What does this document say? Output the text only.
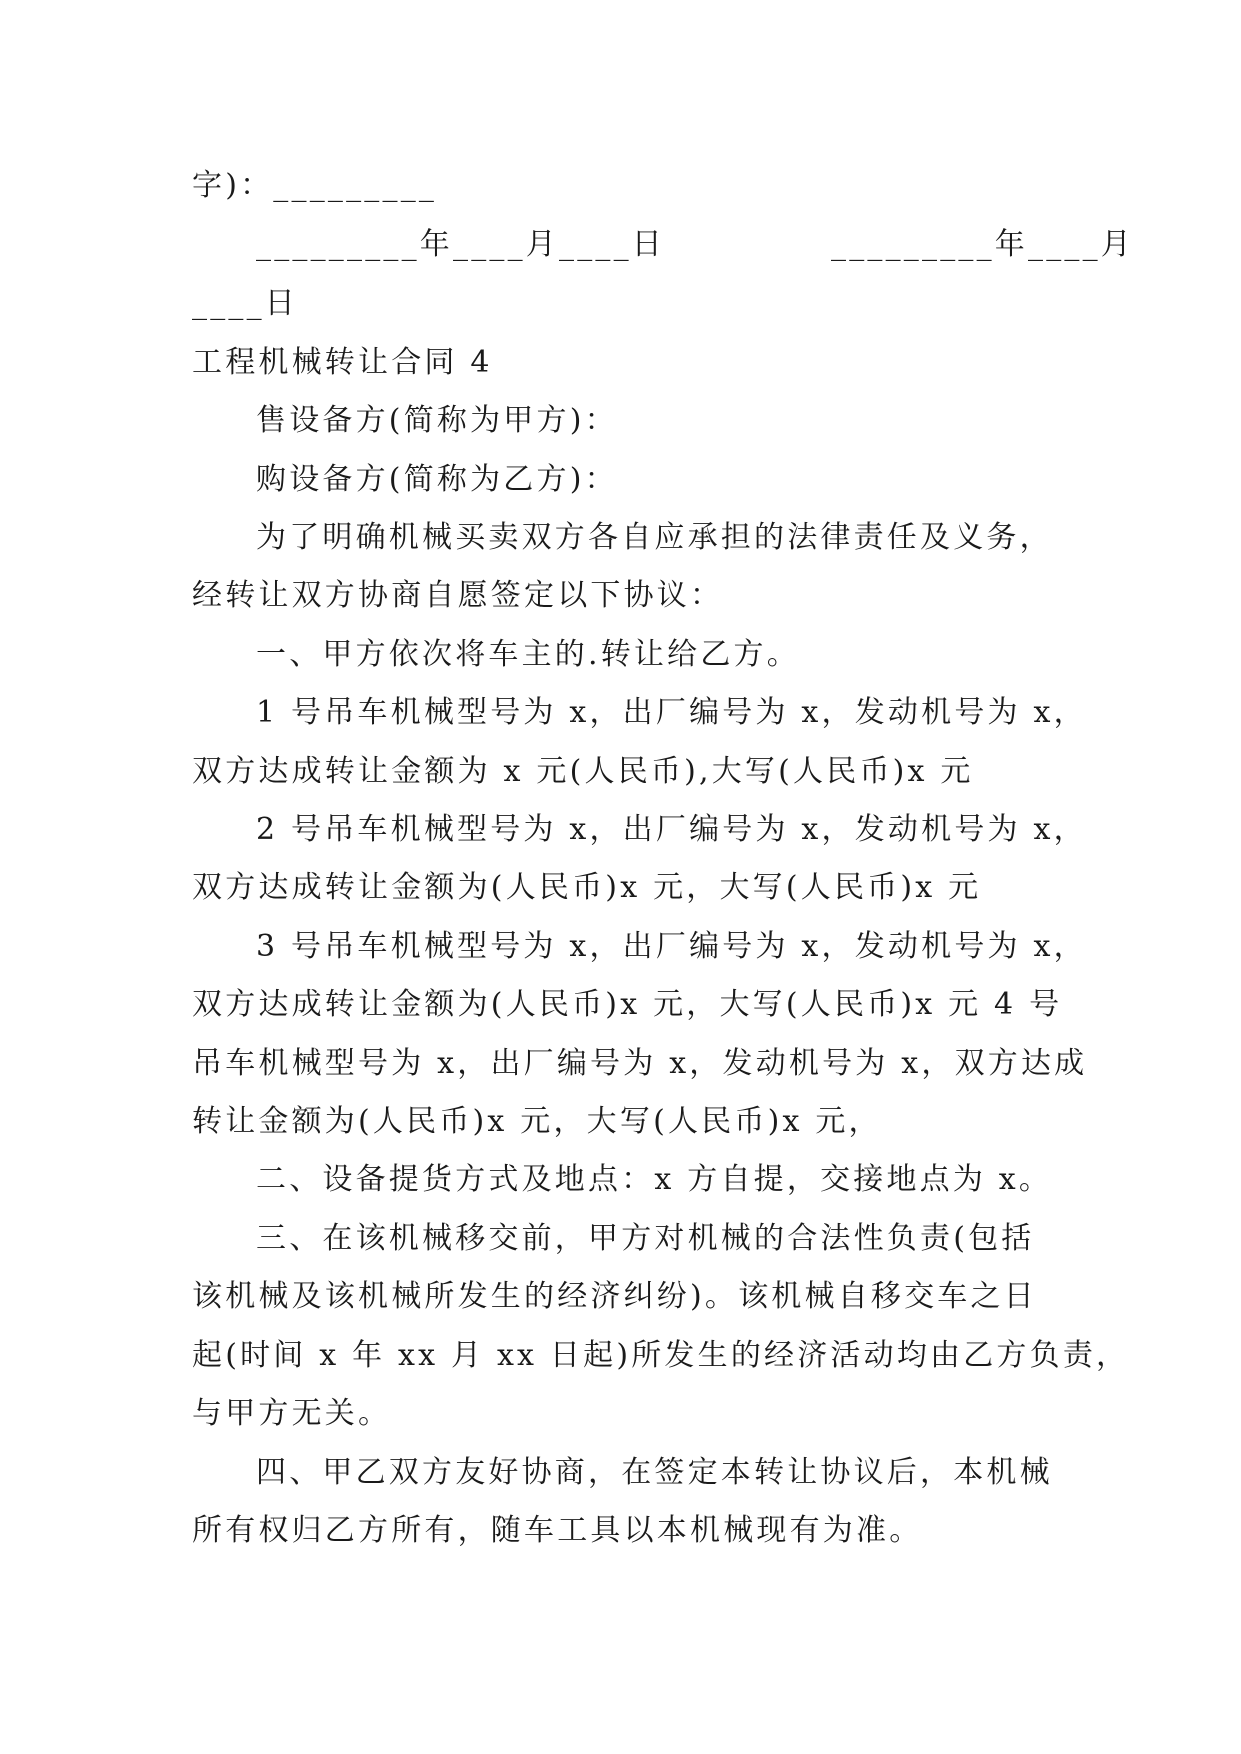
字)：_________
_________年____月____日　　　　　_________年____月
____日
工程机械转让合同 4
售设备方(简称为甲方)：
购设备方(简称为乙方)：
为了明确机械买卖双方各自应承担的法律责任及义务，
经转让双方协商自愿签定以下协议：
一、甲方依次将车主的.转让给乙方。
1 号吊车机械型号为 x，出厂编号为 x，发动机号为 x，
双方达成转让金额为 x 元(人民币),大写(人民币)x 元
2 号吊车机械型号为 x，出厂编号为 x，发动机号为 x，
双方达成转让金额为(人民币)x 元，大写(人民币)x 元
3 号吊车机械型号为 x，出厂编号为 x，发动机号为 x，
双方达成转让金额为(人民币)x 元，大写(人民币)x 元 4 号
吊车机械型号为 x，出厂编号为 x，发动机号为 x，双方达成
转让金额为(人民币)x 元，大写(人民币)x 元，
二、设备提货方式及地点：x 方自提，交接地点为 x。
三、在该机械移交前，甲方对机械的合法性负责(包括
该机械及该机械所发生的经济纠纷)。该机械自移交车之日
起(时间 x 年 xx 月 xx 日起)所发生的经济活动均由乙方负责，
与甲方无关。
四、甲乙双方友好协商，在签定本转让协议后，本机械
所有权归乙方所有，随车工具以本机械现有为准。
